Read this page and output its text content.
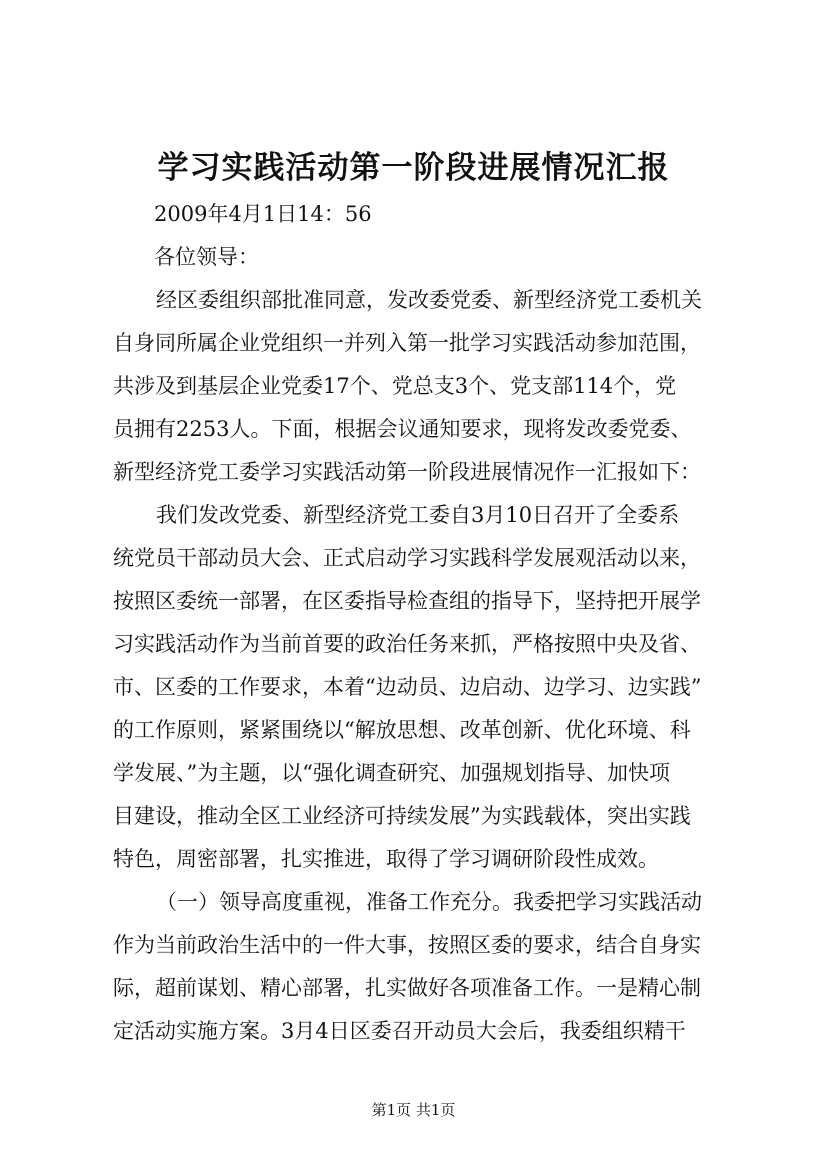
学习实践活动第一阶段进展情况汇报
2009年4月1日14：56
各位领导：
经区委组织部批准同意，发改委党委、新型经济党工委机关
自身同所属企业党组织一并列入第一批学习实践活动参加范围，
共涉及到基层企业党委17个、党总支3个、党支部114个，党
员拥有2253人。下面，根据会议通知要求，现将发改委党委、
新型经济党工委学习实践活动第一阶段进展情况作一汇报如下：
我们发改党委、新型经济党工委自3月10日召开了全委系
统党员干部动员大会、正式启动学习实践科学发展观活动以来，
按照区委统一部署，在区委指导检查组的指导下，坚持把开展学
习实践活动作为当前首要的政治任务来抓，严格按照中央及省、
市、区委的工作要求，本着“边动员、边启动、边学习、边实践”
的工作原则，紧紧围绕以“解放思想、改革创新、优化环境、科
学发展、”为主题，以“强化调查研究、加强规划指导、加快项
目建设，推动全区工业经济可持续发展”为实践载体，突出实践
特色，周密部署，扎实推进，取得了学习调研阶段性成效。
（一）领导高度重视，准备工作充分。我委把学习实践活动
作为当前政治生活中的一件大事，按照区委的要求，结合自身实
际，超前谋划、精心部署，扎实做好各项准备工作。一是精心制
定活动实施方案。3月4日区委召开动员大会后，我委组织精干
第1页 共1页
